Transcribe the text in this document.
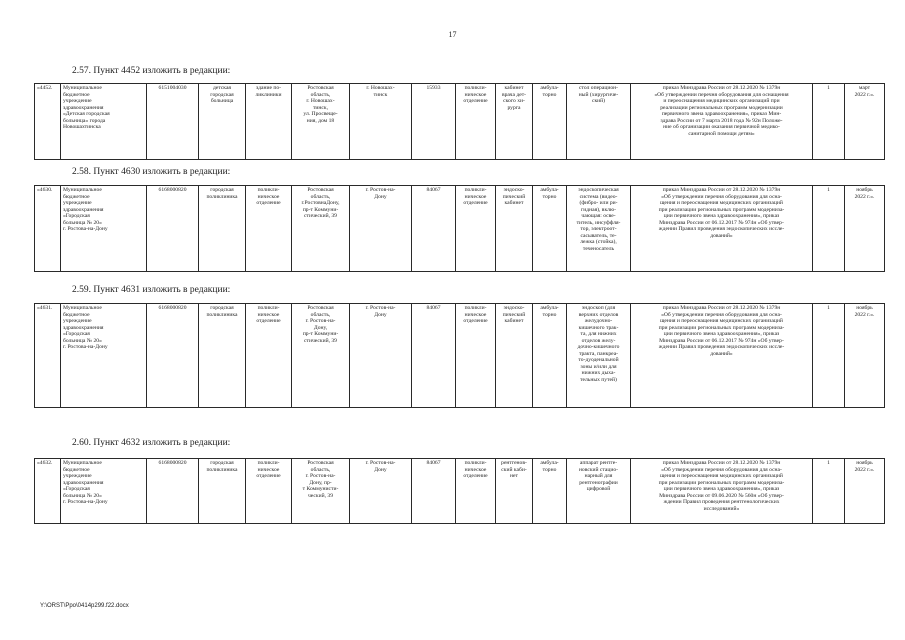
17
2.57. Пункт 4452 изложить в редакции:
«4452.	Муниципальное
бюджетное
учреждение
здравоохранения
«Детская городская
больница» города
Новошахтинска	6151004030	детская
городская
больница	здание по-
ликлиники	Ростовская
область,
г. Новошах-
тинск,
ул. Просвеще-
ния, дом 18	г. Новошах-
тинск	15933	поликли-
ническое
отделение	кабинет
врача дет-
ского хи-
рурга	амбула-
торно	стол операцион-
ный (хирургиче-
ский)	приказ Минздрава России от 28.12.2020 № 1379н
«Об утверждении перечня оборудования для оснащения
и переоснащения медицинских организаций при
реализации региональных программ модернизации
первичного звена здравоохранения», приказ Мин-
здрава России от 7 марта 2018 года № 92н Положе-
ние об организации оказания первичной медико-
санитарной помощи детям»	1	март
2022 г.».
2.58. Пункт 4630 изложить в редакции:
«4630.	Муниципальное
бюджетное
учреждение
здравоохранения
«Городская
больница № 20»
г. Ростова-на-Дону	6168000820	городская
поликлиника	поликли-
ническое
отделение	Ростовская
область,
г.РостовнаДону,
пр-т Коммуни-
стический, 39	г. Ростов-на-
Дону	84067	поликли-
ническое
отделение	эндоско-
пический
кабинет	амбула-
торно	эндоскопическая
система (видео-
(фибро- или ри-
гидная), вклю-
чающая: осве-
титель, инсуффля-
тор, электроот-
сасыватель, те-
лежка (стойка),
теченосатель	приказ Минздрава России от 28.12.2020 № 1379н
«Об утверждении перечня оборудования для осна-
щения и переоснащения медицинских организаций
при реализации региональных программ модерниза-
ции первичного звена здравоохранения», приказ
Минздрава России от 06.12.2017 № 974н «Об утвер-
ждении Правил проведения эндоскопических иссле-
дований»	1	ноябрь
2022 г.».
2.59. Пункт 4631 изложить в редакции:
«4631.	Муниципальное
бюджетное
учреждение
здравоохранения
«Городская
больница № 20»
г. Ростова-на-Дону	6168000820	городская
поликлиника	поликли-
ническое
отделение	Ростовская
область,
г. Ростов-на-
Дону,
пр-т Коммуни-
стический, 39	г. Ростов-на-
Дону	84067	поликли-
ническое
отделение	эндоско-
пический
кабинет	амбула-
торно	эндоскоп (для
верхних отделов
желудочно-
кишечного трак-
та, для нижних
отделов желу-
дочно-кишечного
тракта, панкреа-
то-дуоденальной
зоны и/или для
нижних дыха-
тельных путей)	приказ Минздрава России от 28.12.2020 № 1379н
«Об утверждении перечня оборудования для осна-
щения и переоснащения медицинских организаций
при реализации региональных программ модерниза-
ции первичного звена здравоохранения», приказ
Минздрава России от 06.12.2017 № 974н «Об утвер-
ждении Правил проведения эндоскопических иссле-
дований»	1	ноябрь
2022 г.».
2.60. Пункт 4632 изложить в редакции:
«4632.	Муниципальное
бюджетное
учреждение
здравоохранения
«Городская
больница № 20»
г. Ростова-на-Дону	6168000820	городская
поликлиника	поликли-
ническое
отделение	Ростовская
область,
г. Ростов-на-
Дону, пр-
т Коммунисти-
ческий, 39	г. Ростов-на-
Дону	84067	поликли-
ническое
отделение	рентгенов-
ский каби-
нет	амбула-
торно	аппарат рентге-
новский стацио-
нарный для
рентгенографии
цифровой	приказ Минздрава России от 28.12.2020 № 1379н
«Об утверждении перечня оборудования для осна-
щения и переоснащения медицинских организаций
при реализации региональных программ модерниза-
ции первичного звена здравоохранения», приказ
Минздрава России от 09.06.2020 № 560н «Об утвер-
ждении Правил проведения рентгенологических
исследований»	1	ноябрь
2022 г.».
Y:\ORST\Ppo\0414p299.f22.docx
